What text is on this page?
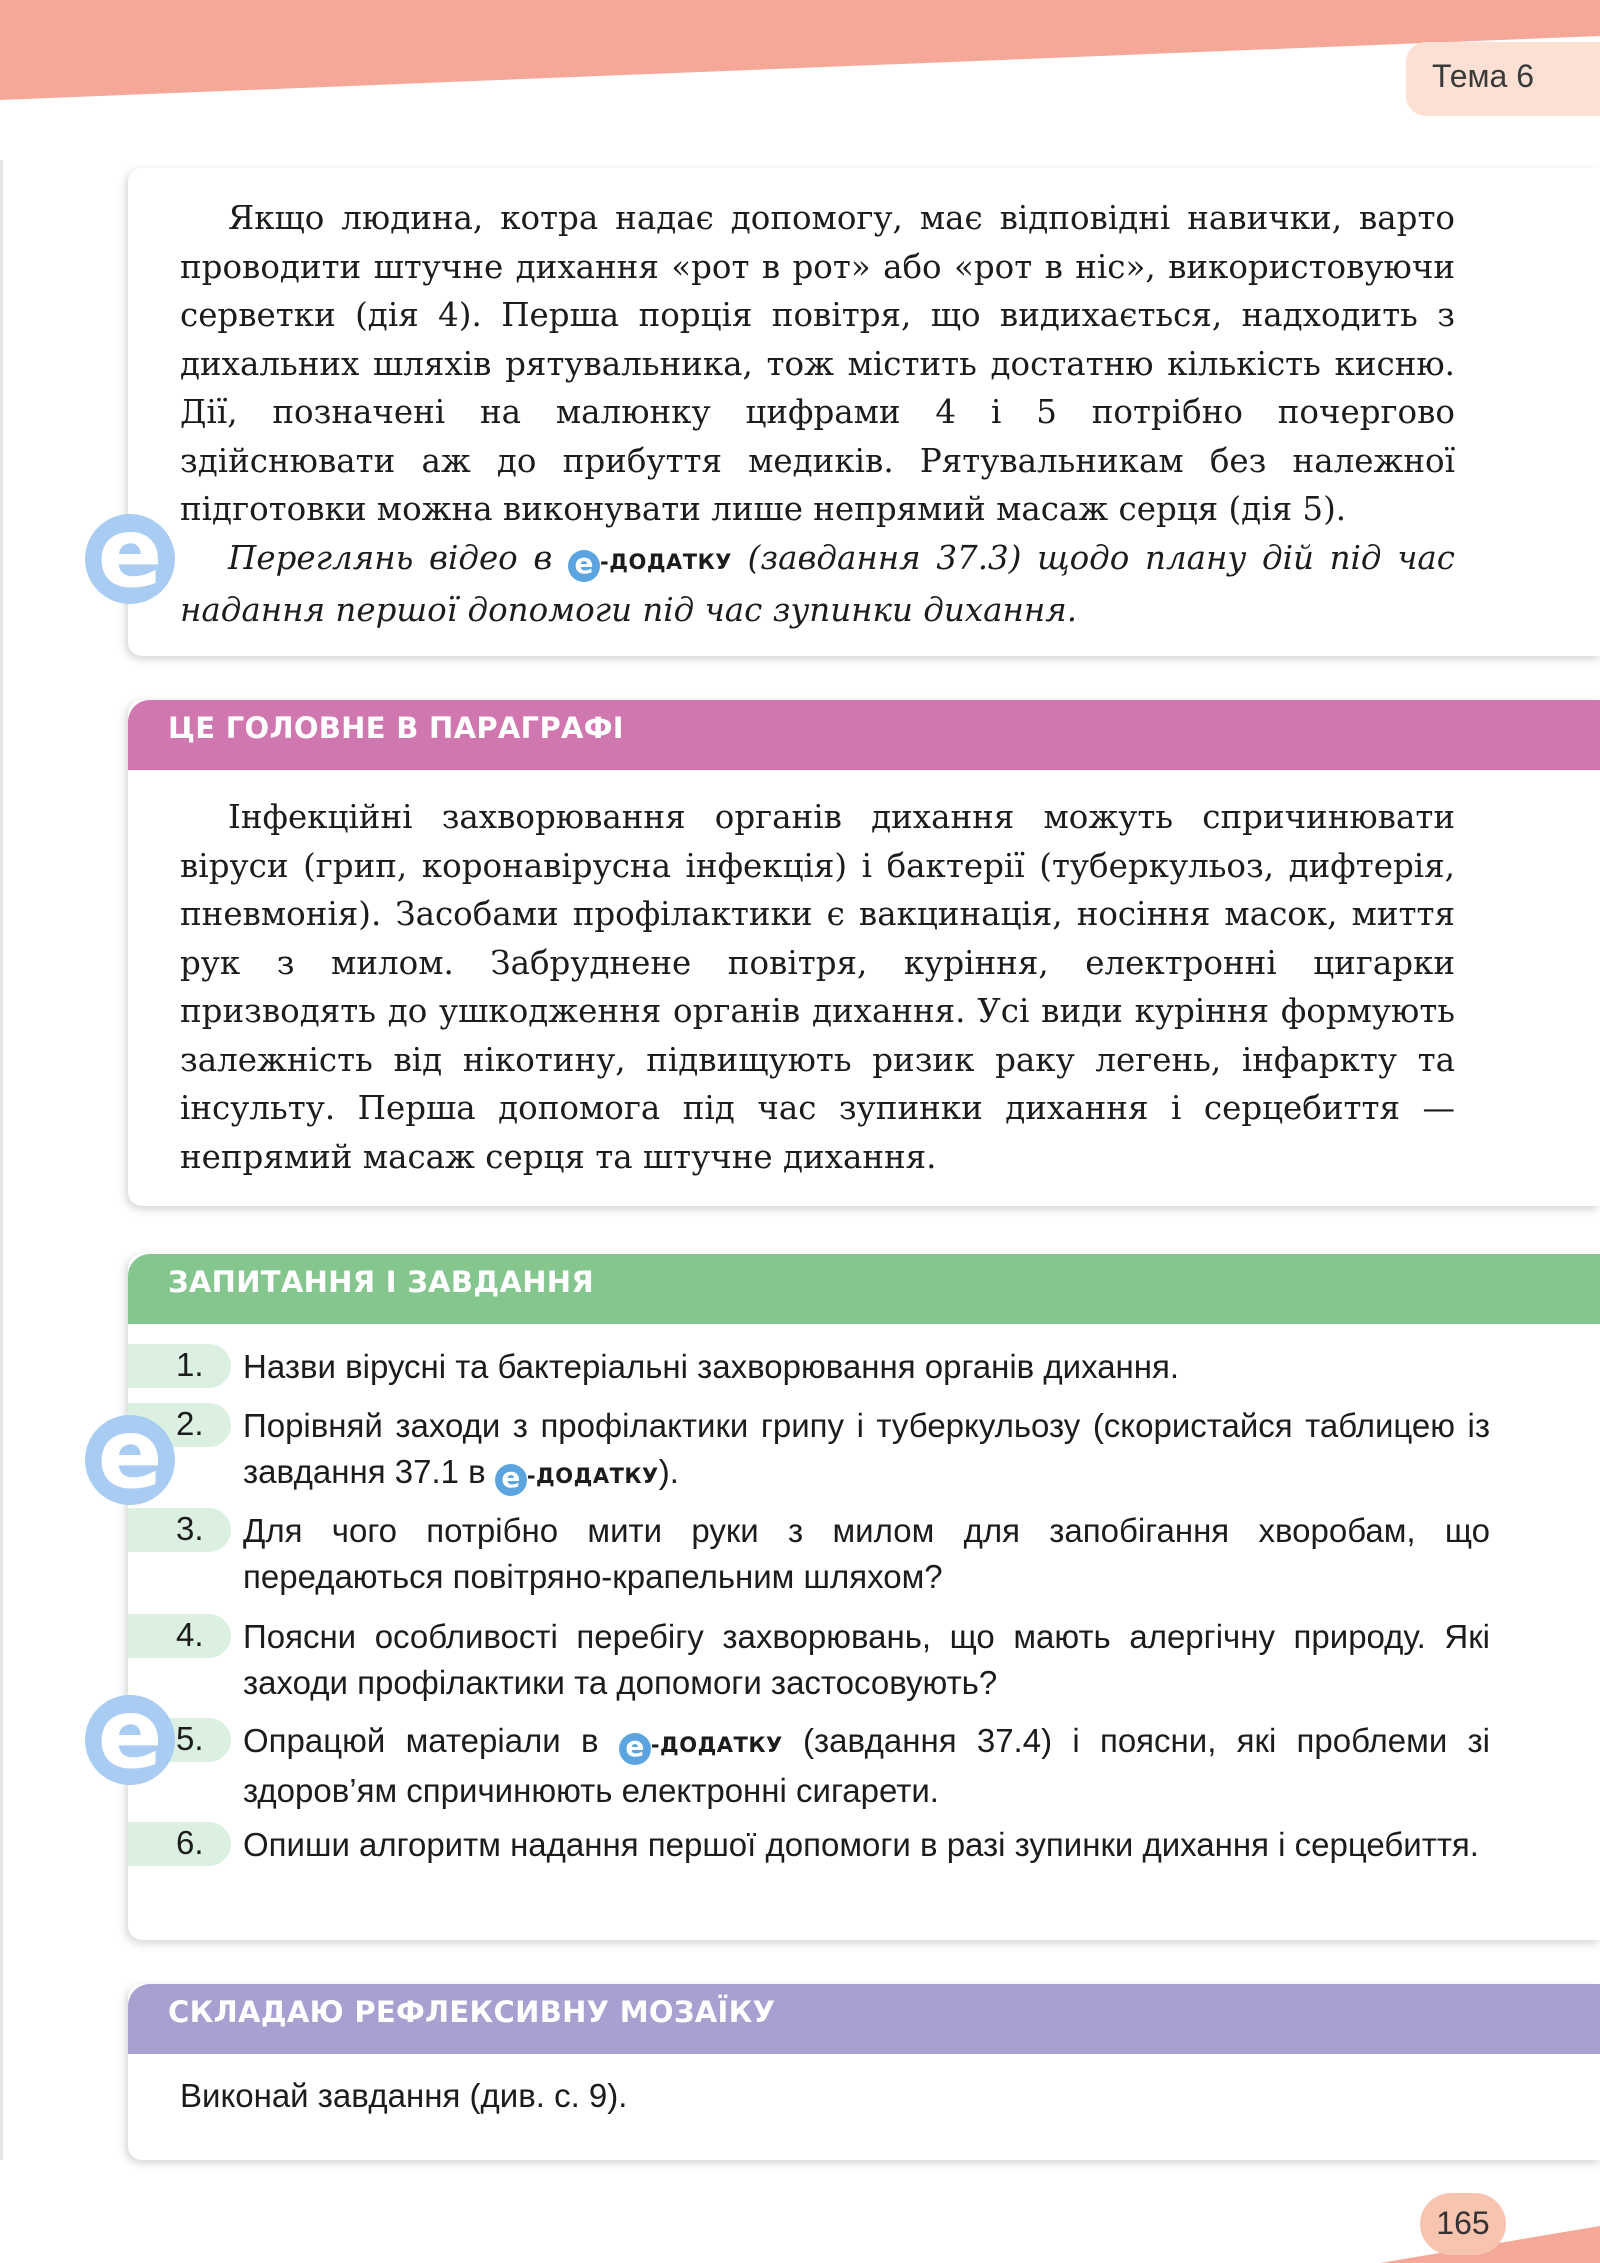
Тема 6

Якщо людина, котра надає допомогу, має відповідні навички, варто проводити штучне дихання «рот в рот» або «рот в ніс», використовуючи серветки (дія 4). Перша порція повітря, що видихається, надходить з дихальних шляхів рятувальника, тож містить достатню кількість кисню. Дії, позначені на малюнку цифрами 4 і 5 потрібно почергово здійснювати аж до прибуття медиків. Рятувальникам без належної підготовки можна виконувати лише непрямий масаж серця (дія 5).

Переглянь відео в е -ДОДАТКУ (завдання 37.3) щодо плану дій під час надання першої допомоги під час зупинки дихання.

e
ЦЕ ГОЛОВНЕ В ПАРАГРАФІ

Інфекційні захворювання органів дихання можуть спричинювати віруси (грип, коронавірусна інфекція) і бактерії (туберкульоз, дифтерія, пневмонія). Засобами профілактики є вакцинація, носіння масок, миття рук з милом. Забруднене повітря, куріння, електронні цигарки призводять до ушкодження органів дихання. Усі види куріння формують залежність від нікотину, підвищують ризик раку легень, інфаркту та інсульту. Перша допомога під час зупинки дихання і серцебиття — непрямий масаж серця та штучне дихання.

ЗАПИТАННЯ І ЗАВДАННЯ
1. Назви вірусні та бактеріальні захворювання органів дихання.
2. Порівняй заходи з профілактики грипу і туберкульозу (скористайся таблицею із завдання 37.1 в е -ДОДАТКУ).
3. Для чого потрібно мити руки з милом для запобігання хворобам, що передаються повітряно-крапельним шляхом?
4. Поясни особливості перебігу захворювань, що мають алергічну природу. Які заходи профілактики та допомоги застосовують?
5. Опрацюй матеріали в е -ДОДАТКУ (завдання 37.4) і поясни, які проблеми зі здоров’ям спричинюють електронні сигарети.
6. Опиши алгоритм надання першої допомоги в разі зупинки дихання і серцебиття.
e
e
СКЛАДАЮ РЕФЛЕКСИВНУ МОЗАЇКУ
Виконай завдання (див. с. 9).
165
